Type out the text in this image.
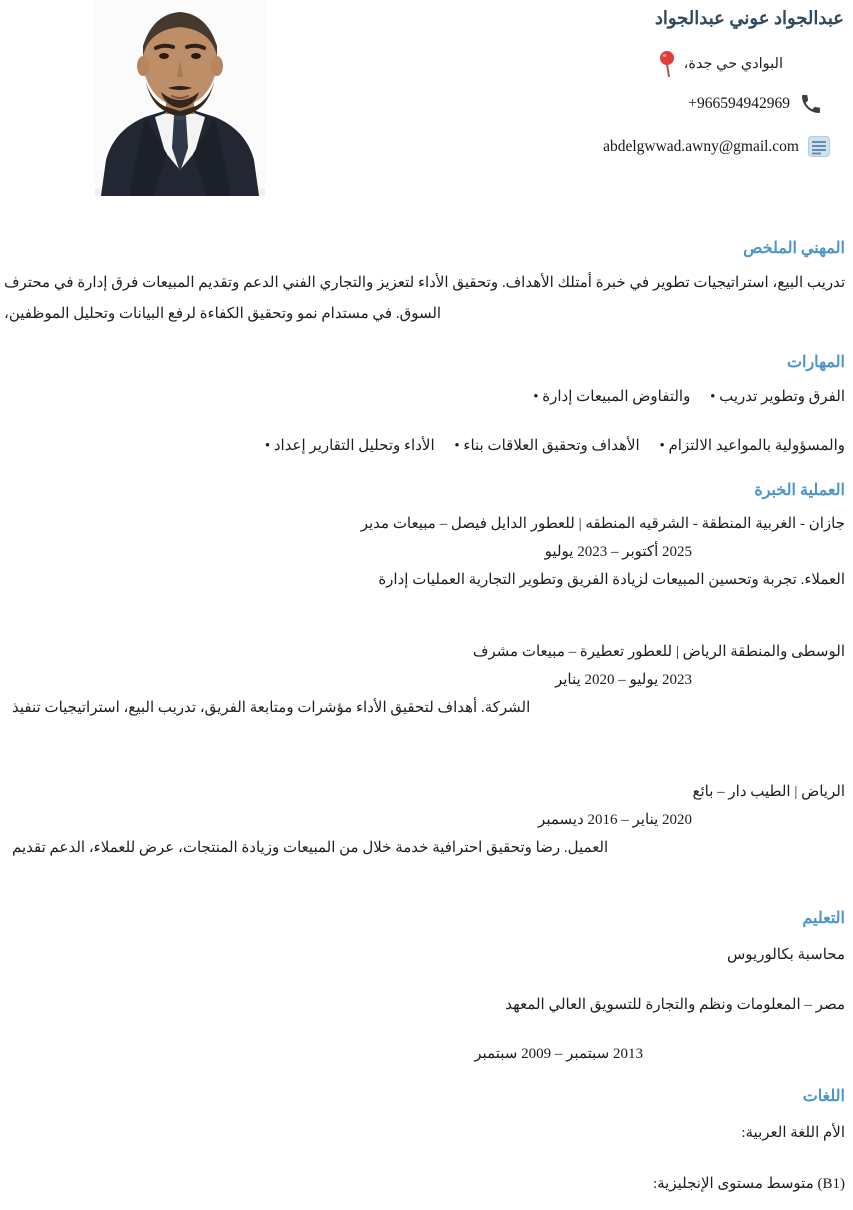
عبدالجواد عوني عبدالجواد
جدة، حي البوادي
+966594942969
abdelgwwad.awny@gmail.com
الملخص المهني

محترف في إدارة فرق المبيعات وتقديم الدعم الفني والتجاري لتعزيز الأداء وتحقيق الأهداف. أمتلك خبرة في تطوير استراتيجيات البيع، تدريب الموظفين، وتحليل البيانات لرفع الكفاءة وتحقيق نمو مستدام في السوق.

المهارات
• إدارة المبيعات والتفاوض • تدريب وتطوير الفرق
• إعداد التقارير وتحليل الأداء • بناء العلاقات وتحقيق الأهداف • الالتزام بالمواعيد والمسؤولية
الخبرة العملية
مدير مبيعات – فيصل الدايل للعطور | المنطقه الشرقيه - المنطقة الغربية - جازان
يوليو 2023 – أكتوبر 2025
إدارة العمليات التجارية وتطوير الفريق لزيادة المبيعات وتحسين تجربة العملاء.
مشرف مبيعات – تعطيرة للعطور | الرياض والمنطقة الوسطى
يناير 2020 – يوليو 2023
تنفيذ استراتيجيات البيع، تدريب الفريق، ومتابعة مؤشرات الأداء لتحقيق أهداف الشركة.
بائع – دار الطيب | الرياض
ديسمبر 2016 – يناير 2020
تقديم الدعم للعملاء، عرض المنتجات، وزيادة المبيعات من خلال خدمة احترافية وتحقيق رضا العميل.
التعليم
بكالوريوس محاسبة
المعهد العالي للتسويق والتجارة ونظم المعلومات – مصر
سبتمبر 2009 – سبتمبر 2013
اللغات
العربية: اللغة الأم
الإنجليزية: مستوى متوسط (B1)
